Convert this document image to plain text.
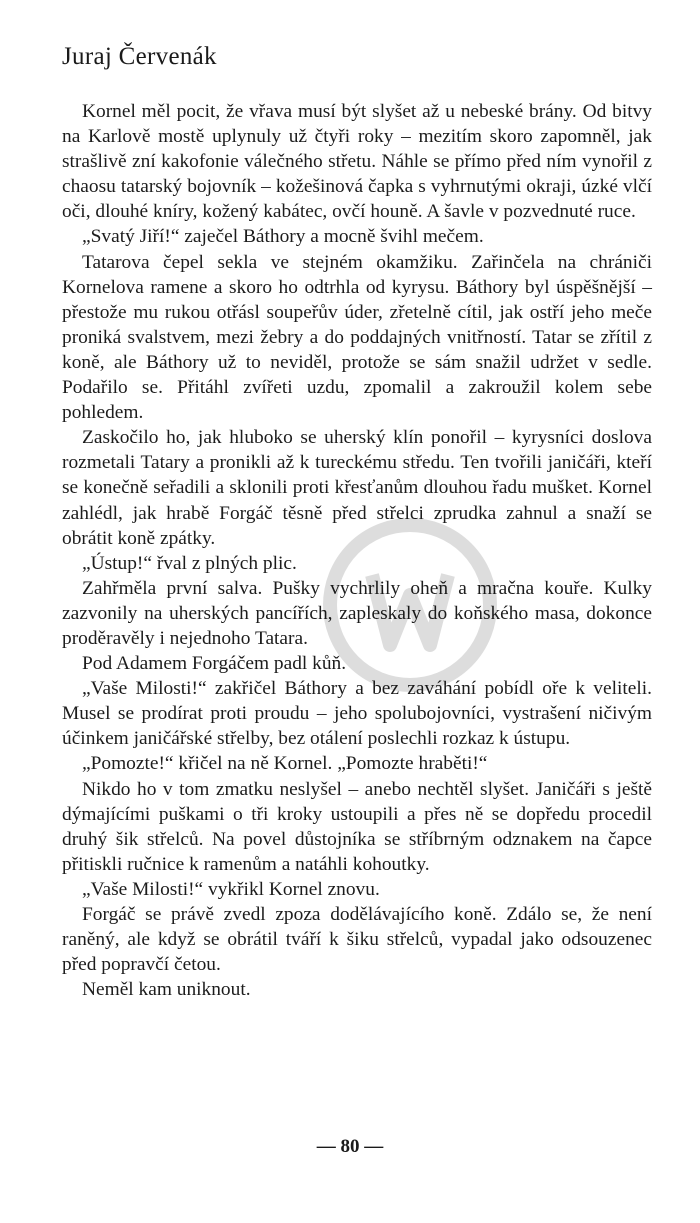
Juraj Červenák

Kornel měl pocit, že vřava musí být slyšet až u nebeské brány. Od bitvy na Karlově mostě uplynuly už čtyři roky – mezitím skoro zapomněl, jak strašlivě zní kakofonie válečného střetu. Náhle se přímo před ním vynořil z chaosu tatarský bojovník – kožešinová čapka s vyhrnutými okraji, úzké vlčí oči, dlouhé kníry, kožený kabátec, ovčí houně. A šavle v pozvednuté ruce.

„Svatý Jiří!“ zaječel Báthory a mocně švihl mečem.

Tatarova čepel sekla ve stejném okamžiku. Zařinčela na chrániči Kornelova ramene a skoro ho odtrhla od kyrysu. Báthory byl úspěšnější – přestože mu rukou otřásl soupeřův úder, zřetelně cítil, jak ostří jeho meče proniká svalstvem, mezi žebry a do poddajných vnitřností. Tatar se zřítil z koně, ale Báthory už to neviděl, protože se sám snažil udržet v sedle. Podařilo se. Přitáhl zvířeti uzdu, zpomalil a zakroužil kolem sebe pohledem.

Zaskočilo ho, jak hluboko se uherský klín ponořil – kyrysníci doslova rozmetali Tatary a pronikli až k tureckému středu. Ten tvořili janičáři, kteří se konečně seřadili a sklonili proti křesťanům dlouhou řadu mušket. Kornel zahlédl, jak hrabě Forgáč těsně před střelci zprudka zahnul a snaží se obrátit koně zpátky.

„Ústup!“ řval z plných plic.

Zahřměla první salva. Pušky vychrlily oheň a mračna kouře. Kulky zazvonily na uherských pancířích, zapleskaly do koňského masa, dokonce proděravěly i nejednoho Tatara.

Pod Adamem Forgáčem padl kůň.

„Vaše Milosti!“ zakřičel Báthory a bez zaváhání pobídl oře k veliteli. Musel se prodírat proti proudu – jeho spolubojovníci, vystrašení ničivým účinkem janičářské střelby, bez otálení poslechli rozkaz k ústupu.

„Pomozte!“ křičel na ně Kornel. „Pomozte hraběti!“

Nikdo ho v tom zmatku neslyšel – anebo nechtěl slyšet. Janičáři s ještě dýmajícími puškami o tři kroky ustoupili a přes ně se dopředu procedil druhý šik střelců. Na povel důstojníka se stříbrným odznakem na čapce přitiskli ručnice k ramenům a natáhli kohoutky.

„Vaše Milosti!“ vykřikl Kornel znovu.

Forgáč se právě zvedl zpoza dodělávajícího koně. Zdálo se, že není raněný, ale když se obrátil tváří k šiku střelců, vypadal jako odsouzenec před popravčí četou.

Neměl kam uniknout.

— 80 —
